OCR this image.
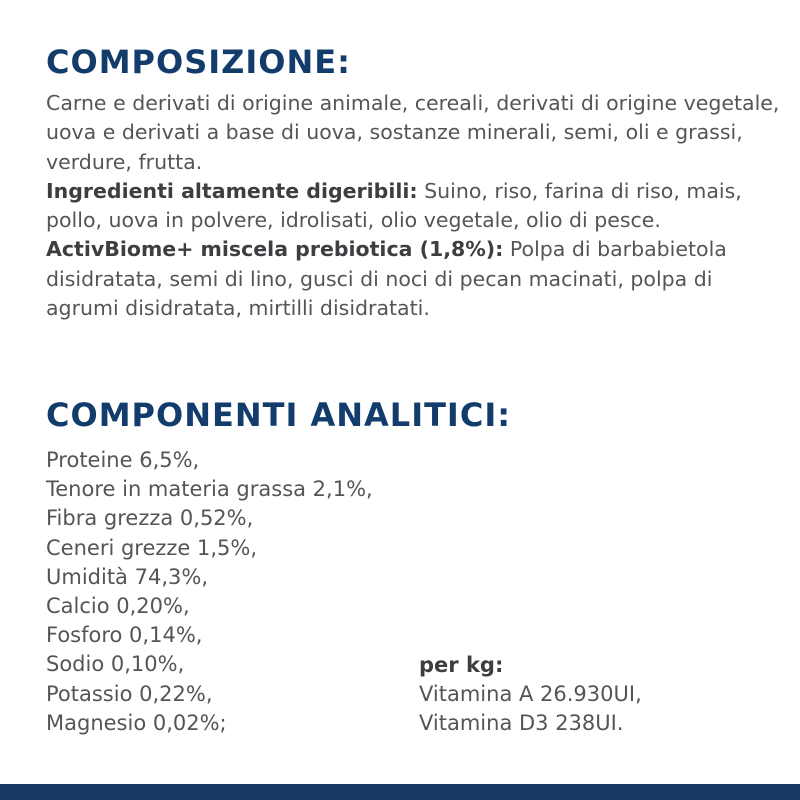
COMPOSIZIONE:

Carne e derivati di origine animale, cereali, derivati di origine vegetale, uova e derivati a base di uova, sostanze minerali, semi, oli e grassi, verdure, frutta.
Ingredienti altamente digeribili: Suino, riso, farina di riso, mais, pollo, uova in polvere, idrolisati, olio vegetale, olio di pesce.
ActivBiome+ miscela prebiotica (1,8%): Polpa di barbabietola disidratata, semi di lino, gusci di noci di pecan macinati, polpa di agrumi disidratata, mirtilli disidratati.

COMPONENTI ANALITICI:
Proteine 6,5%,
Tenore in materia grassa 2,1%,
Fibra grezza 0,52%,
Ceneri grezze 1,5%,
Umidità 74,3%,
Calcio 0,20%,
Fosforo 0,14%,
Sodio 0,10%,
Potassio 0,22%,
Magnesio 0,02%;
per kg:
Vitamina A 26.930UI,
Vitamina D3 238UI.
